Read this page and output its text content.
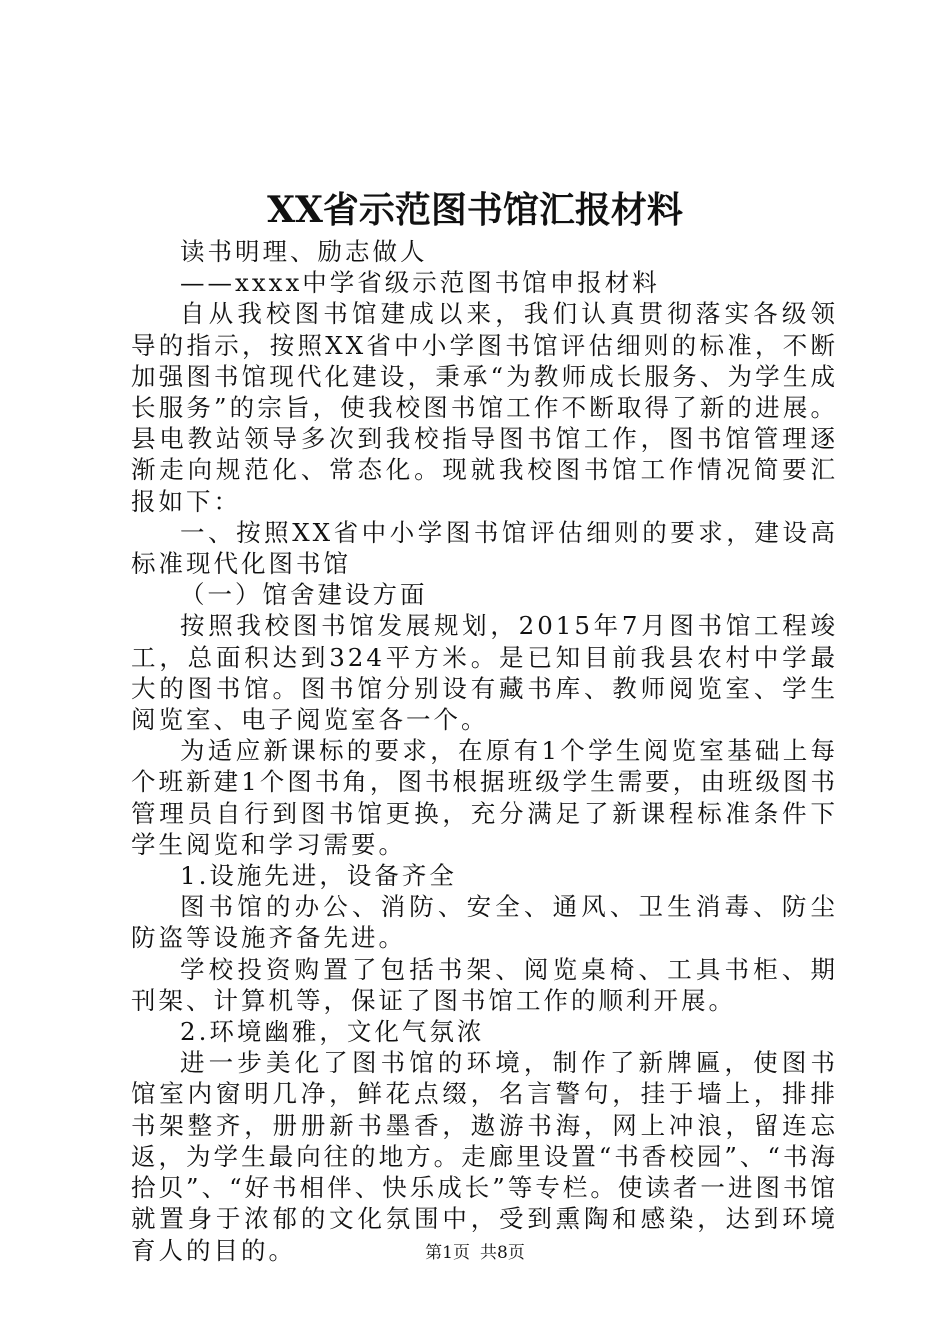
XX省示范图书馆汇报材料

读书明理、励志做人

——xxxx中学省级示范图书馆申报材料

自从我校图书馆建成以来，我们认真贯彻落实各级领导的指示，按照XX省中小学图书馆评估细则的标准，不断加强图书馆现代化建设，秉承“为教师成长服务、为学生成长服务”的宗旨，使我校图书馆工作不断取得了新的进展。县电教站领导多次到我校指导图书馆工作，图书馆管理逐渐走向规范化、常态化。现就我校图书馆工作情况简要汇报如下：

一、按照XX省中小学图书馆评估细则的要求，建设高标准现代化图书馆

（一）馆舍建设方面

按照我校图书馆发展规划，2015年7月图书馆工程竣工，总面积达到324平方米。是已知目前我县农村中学最大的图书馆。图书馆分别设有藏书库、教师阅览室、学生阅览室、电子阅览室各一个。

为适应新课标的要求，在原有1个学生阅览室基础上每个班新建1个图书角，图书根据班级学生需要，由班级图书管理员自行到图书馆更换，充分满足了新课程标准条件下学生阅览和学习需要。

1.设施先进，设备齐全

图书馆的办公、消防、安全、通风、卫生消毒、防尘防盗等设施齐备先进。

学校投资购置了包括书架、阅览桌椅、工具书柜、期刊架、计算机等，保证了图书馆工作的顺利开展。

2.环境幽雅，文化气氛浓

进一步美化了图书馆的环境，制作了新牌匾，使图书馆室内窗明几净，鲜花点缀，名言警句，挂于墙上，排排书架整齐，册册新书墨香，遨游书海，网上冲浪，留连忘返，为学生最向往的地方。走廊里设置“书香校园”、“书海拾贝”、“好书相伴、快乐成长”等专栏。使读者一进图书馆就置身于浓郁的文化氛围中，受到熏陶和感染，达到环境育人的目的。	第1页 共8页
